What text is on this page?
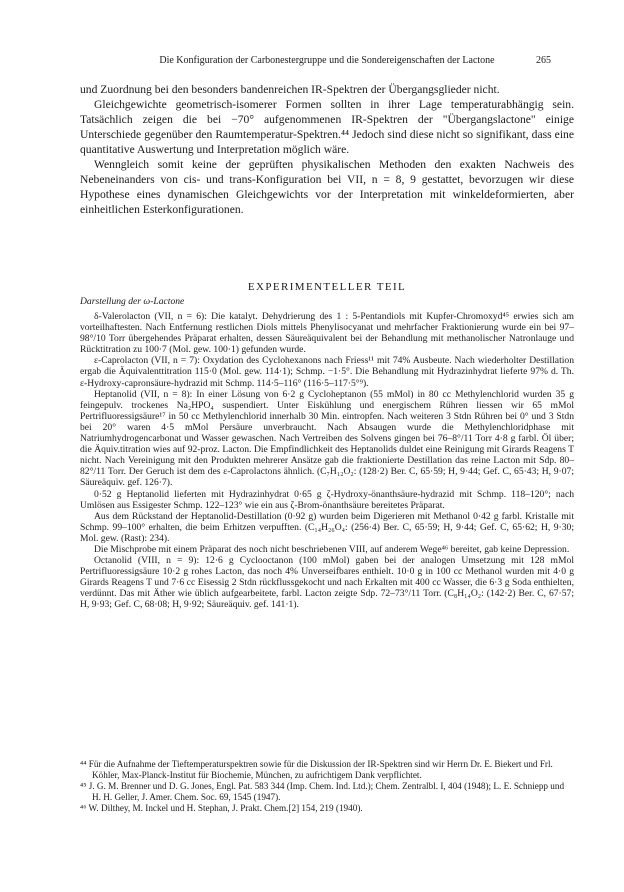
Die Konfiguration der Carbonestergruppe und die Sondereigenschaften der Lactone	265

und Zuordnung bei den besonders bandenreichen IR-Spektren der Übergangsglieder nicht.

Gleichgewichte geometrisch-isomerer Formen sollten in ihrer Lage temperaturabhängig sein. Tatsächlich zeigen die bei −70° aufgenommenen IR-Spektren der "Übergangslactone" einige Unterschiede gegenüber den Raumtemperatur-Spektren.⁴⁴ Jedoch sind diese nicht so signifikant, dass eine quantitative Auswertung und Interpretation möglich wäre.

Wenngleich somit keine der geprüften physikalischen Methoden den exakten Nachweis des Nebeneinanders von cis- und trans-Konfiguration bei VII, n = 8, 9 gestattet, bevorzugen wir diese Hypothese eines dynamischen Gleichgewichts vor der Interpretation mit winkeldeformierten, aber einheitlichen Esterkonfigurationen.

EXPERIMENTELLER TEIL
Darstellung der ω-Lactone

δ-Valerolacton (VII, n = 6): Die katalyt. Dehydrierung des 1 : 5-Pentandiols mit Kupfer-Chromoxyd⁴⁵ erwies sich am vorteilhaftesten. Nach Entfernung restlichen Diols mittels Phenylisocyanat und mehrfacher Fraktionierung wurde ein bei 97–98°/10 Torr übergehendes Präparat erhalten, dessen Säureäquivalent bei der Behandlung mit methanolischer Natronlauge und Rücktitration zu 100·7 (Mol. gew. 100·1) gefunden wurde.

ε-Caprolacton (VII, n = 7): Oxydation des Cyclohexanons nach Friess¹¹ mit 74% Ausbeute. Nach wiederholter Destillation ergab die Äquivalenttitration 115·0 (Mol. gew. 114·1); Schmp. −1·5°. Die Behandlung mit Hydrazinhydrat lieferte 97% d. Th. ε-Hydroxy-capronsäure-hydrazid mit Schmp. 114·5–116° (116·5–117·5°⁹).

Heptanolid (VII, n = 8): In einer Lösung von 6·2 g Cycloheptanon (55 mMol) in 80 cc Methylenchlorid wurden 35 g feingepulv. trockenes Na₂HPO₄ suspendiert. Unter Eiskühlung und energischem Rühren liessen wir 65 mMol Pertrifluoressigsäure¹⁷ in 50 cc Methylenchlorid innerhalb 30 Min. eintropfen. Nach weiteren 3 Stdn Rühren bei 0° und 3 Stdn bei 20° waren 4·5 mMol Persäure unverbraucht. Nach Absaugen wurde die Methylenchloridphase mit Natriumhydrogencarbonat und Wasser gewaschen. Nach Vertreiben des Solvens gingen bei 76–8°/11 Torr 4·8 g farbl. Öl über; die Äquiv.titration wies auf 92-proz. Lacton. Die Empfindlichkeit des Heptanolids duldet eine Reinigung mit Girards Reagens T nicht. Nach Vereinigung mit den Produkten mehrerer Ansätze gab die fraktionierte Destillation das reine Lacton mit Sdp. 80–82°/11 Torr. Der Geruch ist dem des ε-Caprolactons ähnlich. (C₇H₁₂O₂: (128·2) Ber. C, 65·59; H, 9·44; Gef. C, 65·43; H, 9·07; Säureäquiv. gef. 126·7).

0·52 g Heptanolid lieferten mit Hydrazinhydrat 0·65 g ζ-Hydroxy-önanthsäure-hydrazid mit Schmp. 118–120°; nach Umlösen aus Essigester Schmp. 122–123° wie ein aus ζ-Brom-önanthsäure bereitetes Präparat.

Aus dem Rückstand der Heptanolid-Destillation (0·92 g) wurden beim Digerieren mit Methanol 0·42 g farbl. Kristalle mit Schmp. 99–100° erhalten, die beim Erhitzen verpufften. (C₁₄H₂₆O₄: (256·4) Ber. C, 65·59; H, 9·44; Gef. C, 65·62; H, 9·30; Mol. gew. (Rast): 234).

Die Mischprobe mit einem Präparat des noch nicht beschriebenen VIII, auf anderem Wege⁴⁶ bereitet, gab keine Depression.

Octanolid (VIII, n = 9): 12·6 g Cyclooctanon (100 mMol) gaben bei der analogen Umsetzung mit 128 mMol Pertrifluoressigsäure 10·2 g rohes Lacton, das noch 4% Unverseifbares enthielt. 10·0 g in 100 cc Methanol wurden mit 4·0 g Girards Reagens T und 7·6 cc Eisessig 2 Stdn rückflussgekocht und nach Erkalten mit 400 cc Wasser, die 6·3 g Soda enthielten, verdünnt. Das mit Äther wie üblich aufgearbeitete, farbl. Lacton zeigte Sdp. 72–73°/11 Torr. (C₈H₁₄O₂: (142·2) Ber. C, 67·57; H, 9·93; Gef. C, 68·08; H, 9·92; Säureäquiv. gef. 141·1).

⁴⁴ Für die Aufnahme der Tieftemperaturspektren sowie für die Diskussion der IR-Spektren sind wir Herrn Dr. E. Biekert und Frl. Köhler, Max-Planck-Institut für Biochemie, München, zu aufrichtigem Dank verpflichtet.

⁴⁵ J. G. M. Brenner und D. G. Jones, Engl. Pat. 583 344 (Imp. Chem. Ind. Ltd.); Chem. Zentralbl. I, 404 (1948); L. E. Schniepp und H. H. Geller, J. Amer. Chem. Soc. 69, 1545 (1947).

⁴⁶ W. Dilthey, M. Inckel und H. Stephan, J. Prakt. Chem.[2] 154, 219 (1940).
